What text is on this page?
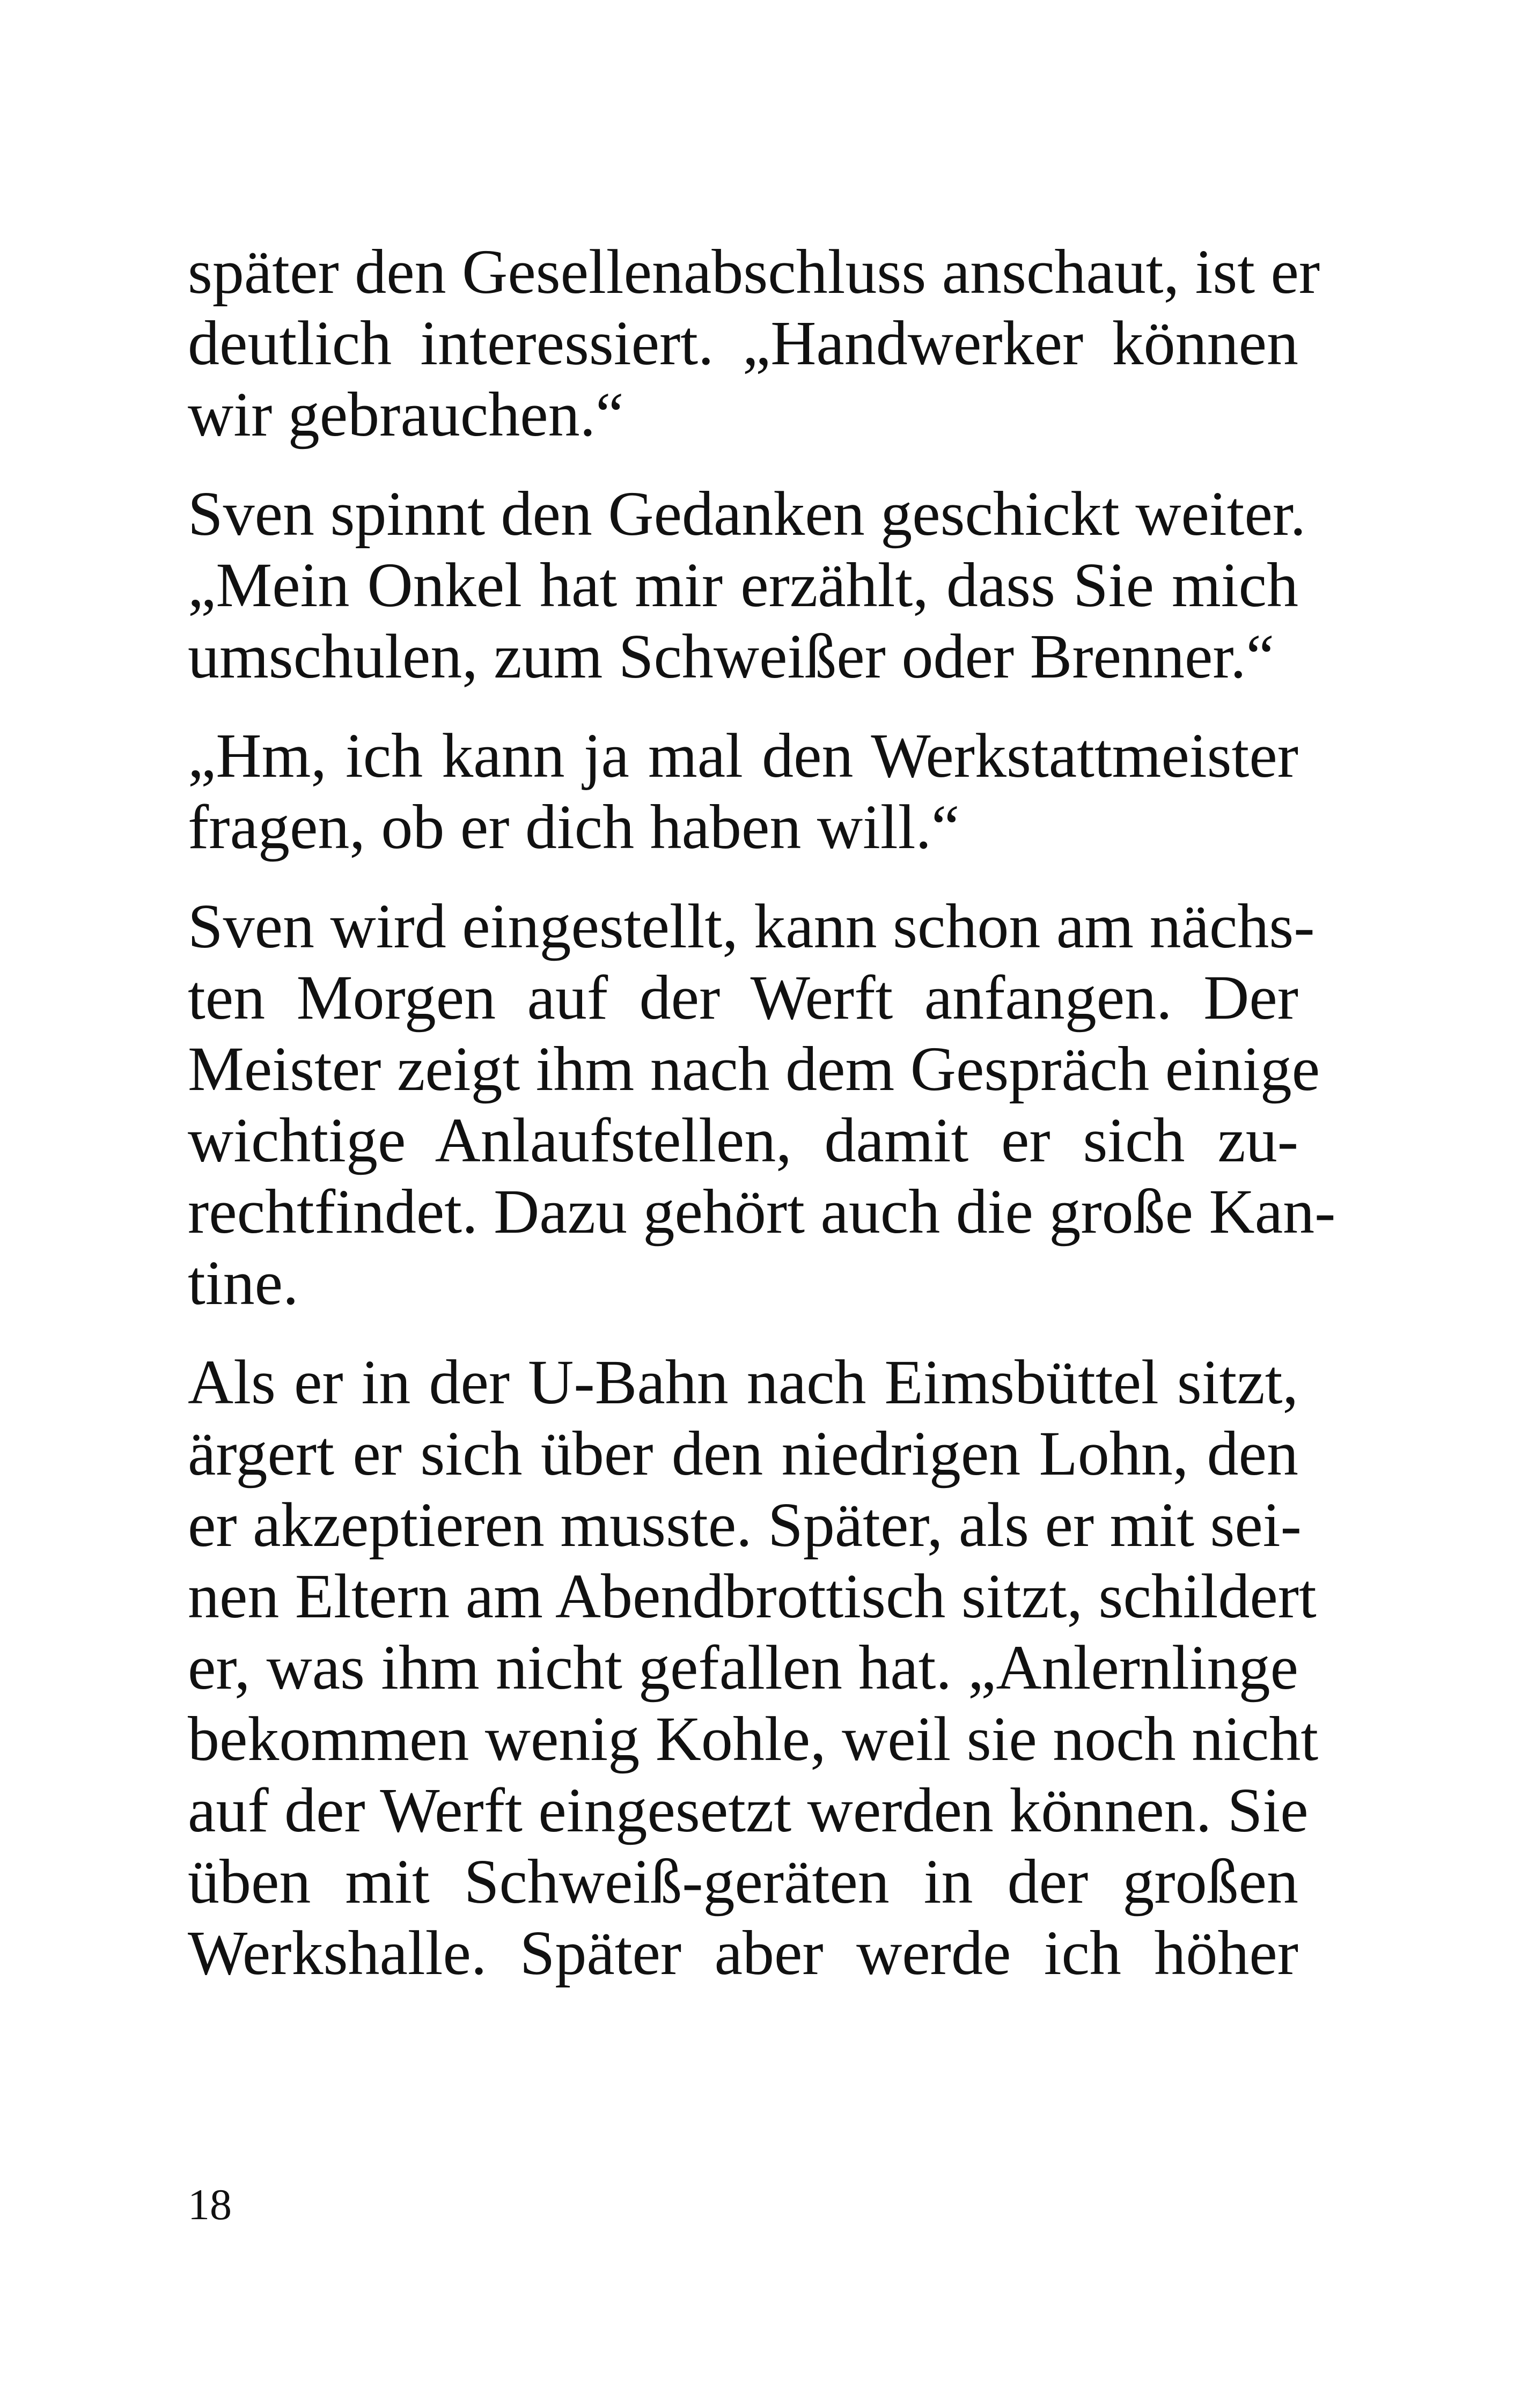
später den Gesellenabschluss anschaut, ist er
deutlich interessiert. „Handwerker können
wir gebrauchen.“
Sven spinnt den Gedanken geschickt weiter.
„Mein Onkel hat mir erzählt, dass Sie mich
umschulen, zum Schweißer oder Brenner.“
„Hm, ich kann ja mal den Werkstattmeister
fragen, ob er dich haben will.“
Sven wird eingestellt, kann schon am nächs-
ten Morgen auf der Werft anfangen. Der
Meister zeigt ihm nach dem Gespräch einige
wichtige Anlaufstellen, damit er sich zu-
rechtfindet. Dazu gehört auch die große Kan-
tine.
Als er in der U-Bahn nach Eimsbüttel sitzt,
ärgert er sich über den niedrigen Lohn, den
er akzeptieren musste. Später, als er mit sei-
nen Eltern am Abendbrottisch sitzt, schildert
er, was ihm nicht gefallen hat. „Anlernlinge
bekommen wenig Kohle, weil sie noch nicht
auf der Werft eingesetzt werden können. Sie
üben mit Schweiß-geräten in der großen
Werkshalle. Später aber werde ich höher
18
